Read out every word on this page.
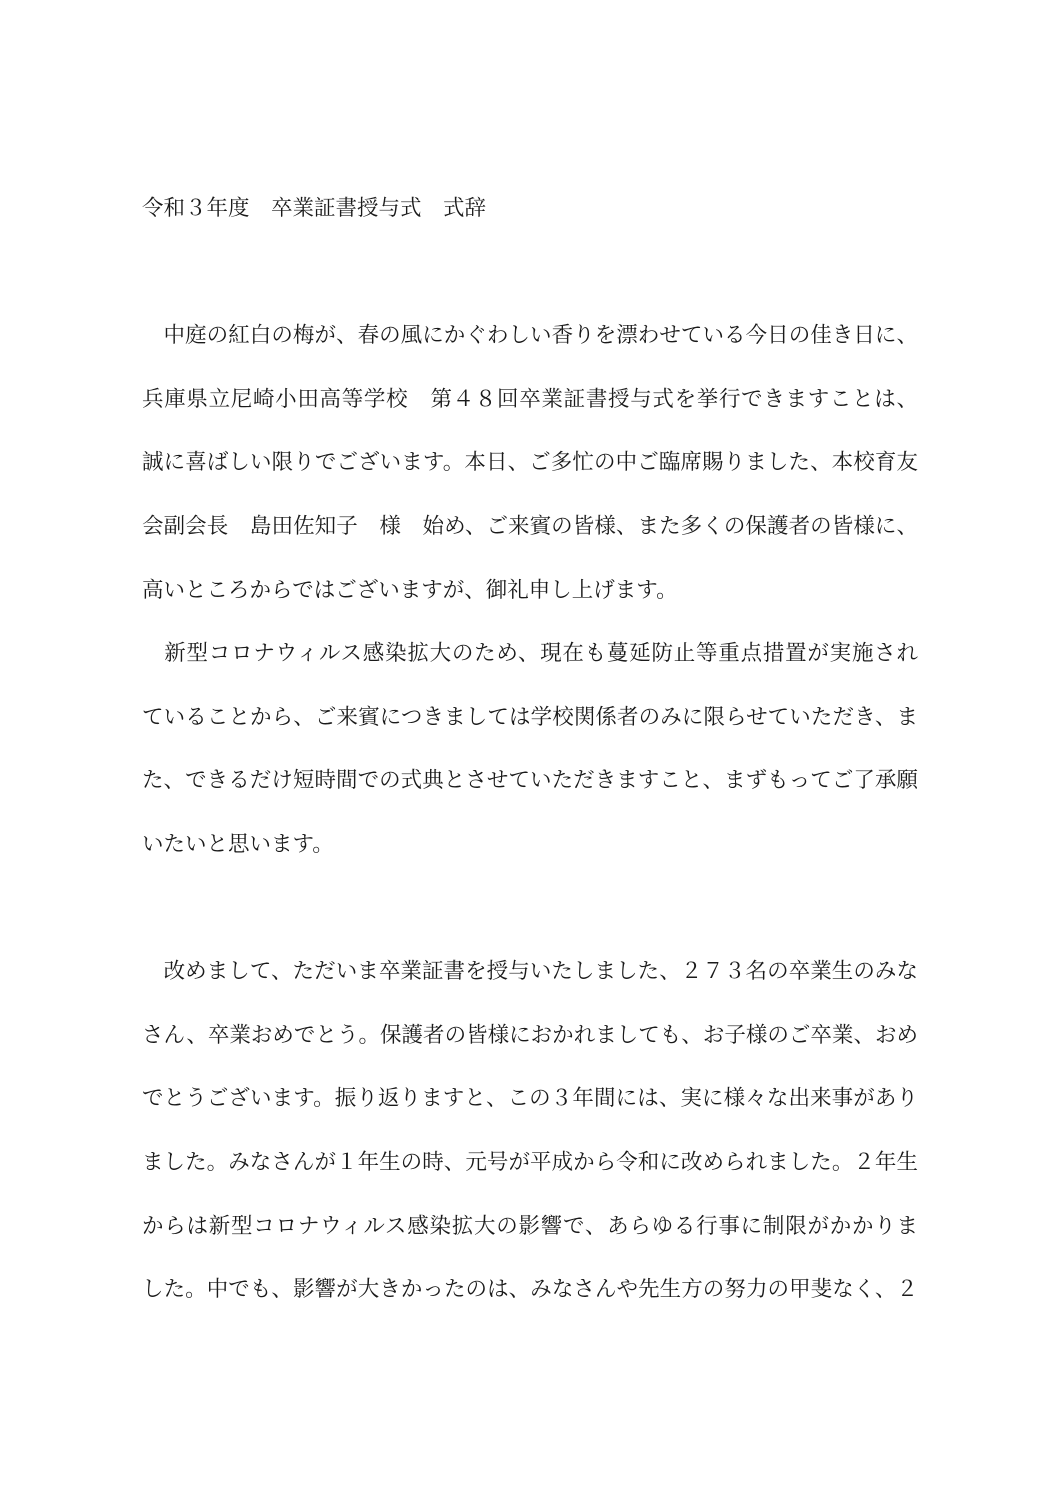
令和３年度　卒業証書授与式　式辞
　中庭の紅白の梅が、春の風にかぐわしい香りを漂わせている今日の佳き日に、
兵庫県立尼崎小田高等学校　第４８回卒業証書授与式を挙行できますことは、
誠に喜ばしい限りでございます。本日、ご多忙の中ご臨席賜りました、本校育友
会副会長　島田佐知子　様　始め、ご来賓の皆様、また多くの保護者の皆様に、
高いところからではございますが、御礼申し上げます。
　新型コロナウィルス感染拡大のため、現在も蔓延防止等重点措置が実施され
ていることから、ご来賓につきましては学校関係者のみに限らせていただき、ま
た、できるだけ短時間での式典とさせていただきますこと、まずもってご了承願
いたいと思います。
　改めまして、ただいま卒業証書を授与いたしました、２７３名の卒業生のみな
さん、卒業おめでとう。保護者の皆様におかれましても、お子様のご卒業、おめ
でとうございます。振り返りますと、この３年間には、実に様々な出来事があり
ました。みなさんが１年生の時、元号が平成から令和に改められました。２年生
からは新型コロナウィルス感染拡大の影響で、あらゆる行事に制限がかかりま
した。中でも、影響が大きかったのは、みなさんや先生方の努力の甲斐なく、２
